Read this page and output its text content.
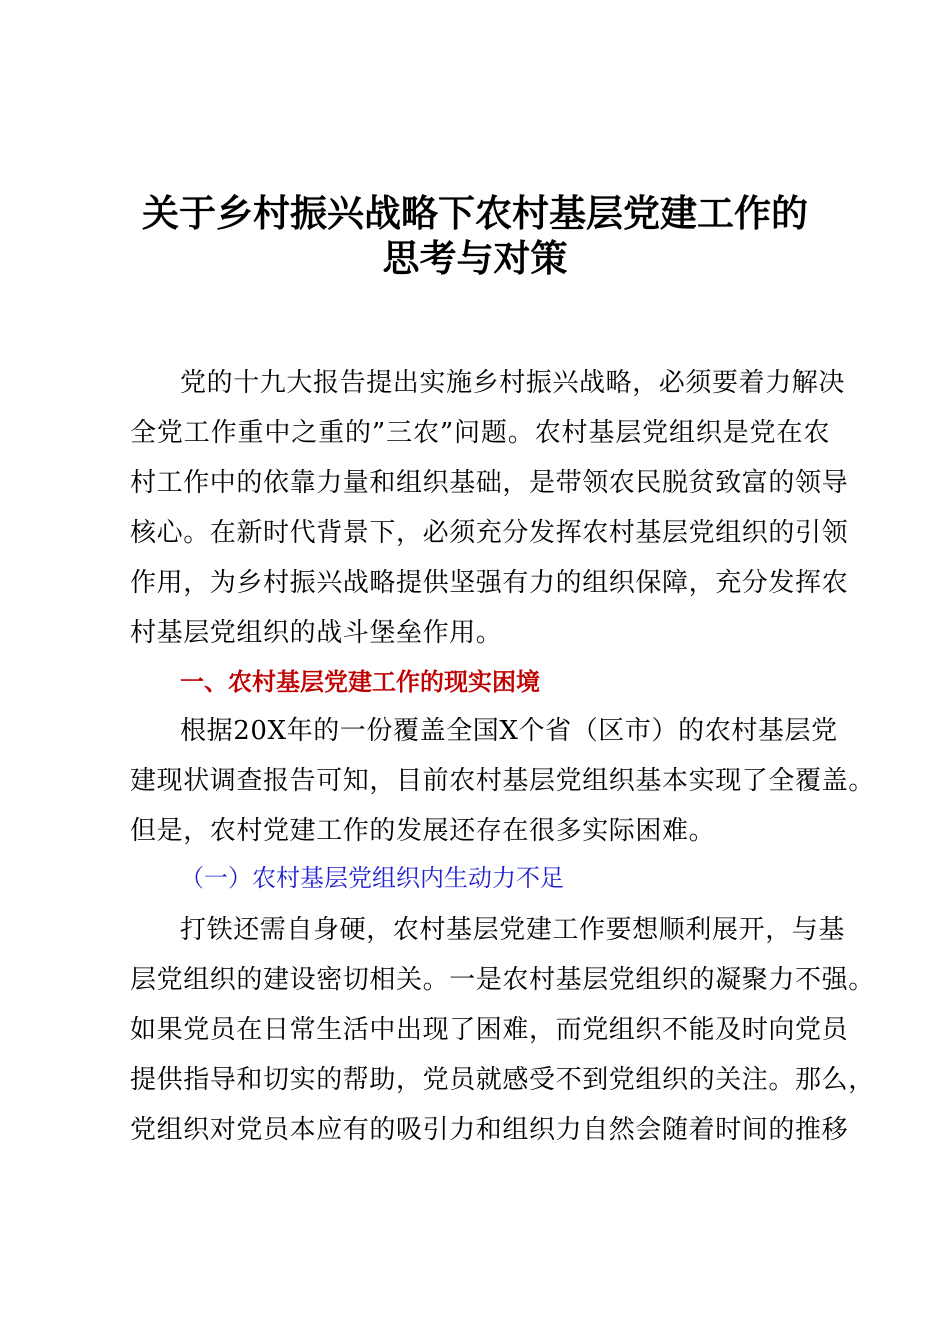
关于乡村振兴战略下农村基层党建工作的
思考与对策
党的十九大报告提出实施乡村振兴战略，必须要着力解决
全党工作重中之重的”三农”问题。农村基层党组织是党在农
村工作中的依靠力量和组织基础，是带领农民脱贫致富的领导
核心。在新时代背景下，必须充分发挥农村基层党组织的引领
作用，为乡村振兴战略提供坚强有力的组织保障，充分发挥农
村基层党组织的战斗堡垒作用。
一、农村基层党建工作的现实困境
根据20X年的一份覆盖全国X个省（区市）的农村基层党
建现状调查报告可知，目前农村基层党组织基本实现了全覆盖。
但是，农村党建工作的发展还存在很多实际困难。
（一）农村基层党组织内生动力不足
打铁还需自身硬，农村基层党建工作要想顺利展开，与基
层党组织的建设密切相关。一是农村基层党组织的凝聚力不强。
如果党员在日常生活中出现了困难，而党组织不能及时向党员
提供指导和切实的帮助，党员就感受不到党组织的关注。那么，
党组织对党员本应有的吸引力和组织力自然会随着时间的推移
